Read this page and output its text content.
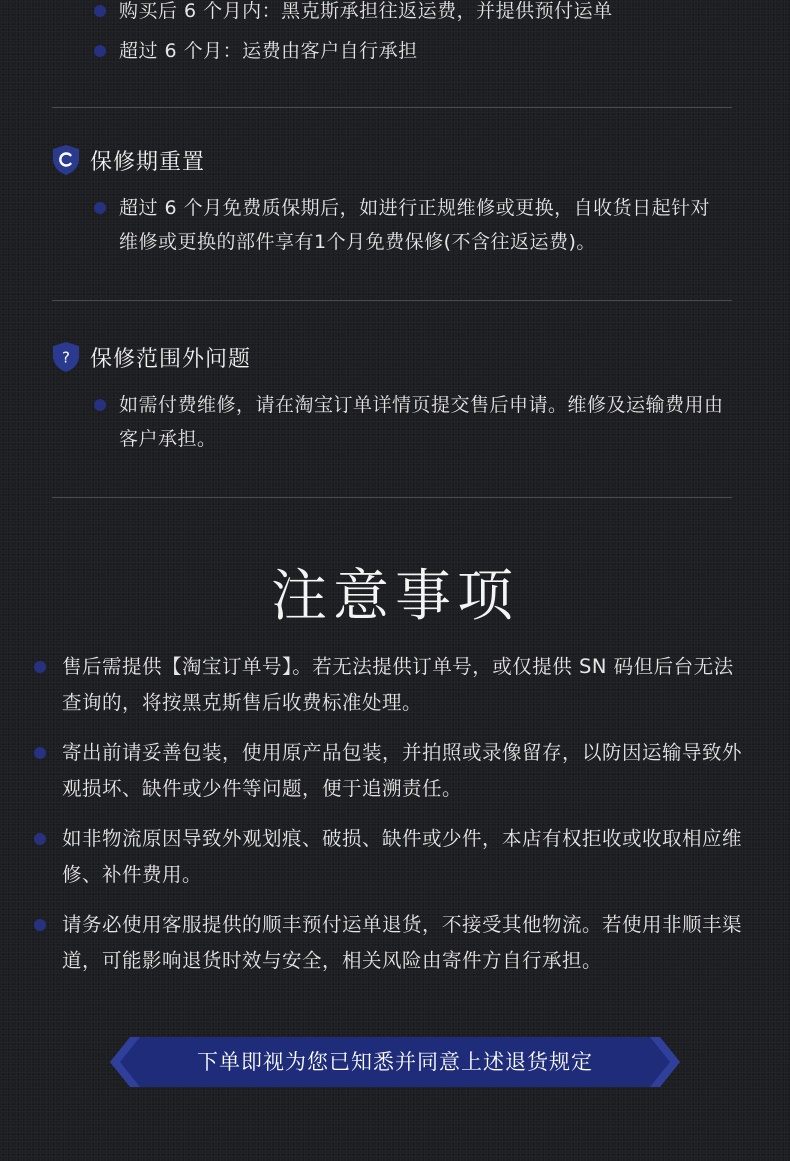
购买后 6 个月内：黑克斯承担往返运费，并提供预付运单
超过 6 个月：运费由客户自行承担
保修期重置
超过 6 个月免费质保期后，如进行正规维修或更换，自收货日起针对维修或更换的部件享有1个月免费保修(不含往返运费)。
? 保修范围外问题
如需付费维修，请在淘宝订单详情页提交售后申请。维修及运输费用由客户承担。
注意事项
售后需提供【淘宝订单号】。若无法提供订单号，或仅提供 SN 码但后台无法查询的，将按黑克斯售后收费标准处理。
寄出前请妥善包装，使用原产品包装，并拍照或录像留存，以防因运输导致外观损坏、缺件或少件等问题，便于追溯责任。
如非物流原因导致外观划痕、破损、缺件或少件，本店有权拒收或收取相应维修、补件费用。
请务必使用客服提供的顺丰预付运单退货，不接受其他物流。若使用非顺丰渠道，可能影响退货时效与安全，相关风险由寄件方自行承担。
下单即视为您已知悉并同意上述退货规定
